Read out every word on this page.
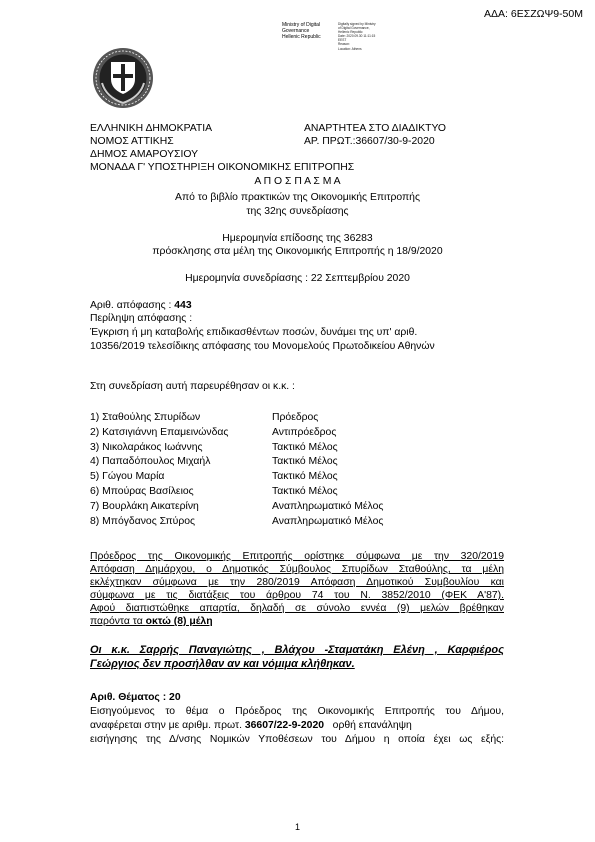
ΑΔΑ: 6ΕΣΖΩΨ9-50Μ
Ministry of Digital
Governance
Hellenic Republic
Digitally signed by Ministry
of Digital Governance,
Hellenic Republic
Date: 2020.09.30 11:11:15
EEST
Reason:
Location: Athens
ΕΛΛΗΝΙΚΗ ΔΗΜΟΚΡΑΤΙΑ
ΝΟΜΟΣ ΑΤΤΙΚΗΣ
ΔΗΜΟΣ ΑΜΑΡΟΥΣΙΟΥ
ΜΟΝΑΔΑ Γ' ΥΠΟΣΤΗΡΙΞΗ ΟΙΚΟΝΟΜΙΚΗΣ ΕΠΙΤΡΟΠΗΣ
ΑΝΑΡΤΗΤΕΑ ΣΤΟ ΔΙΑΔΙΚΤΥΟ
ΑΡ. ΠΡΩΤ.:36607/30-9-2020
Α Π Ο Σ Π Α Σ Μ Α
Από το βιβλίο πρακτικών της Οικονομικής Επιτροπής
της 32ης συνεδρίασης
Ημερομηνία επίδοσης της 36283
πρόσκλησης στα μέλη της Οικονομικής Επιτροπής η 18/9/2020
Ημερομηνία συνεδρίασης : 22 Σεπτεμβρίου 2020
Αριθ. απόφασης : 443
Περίληψη απόφασης :
Έγκριση ή μη καταβολής επιδικασθέντων ποσών, δυνάμει της υπ' αριθ.
10356/2019 τελεσίδικης απόφασης του Μονομελούς Πρωτοδικείου Αθηνών
Στη συνεδρίαση αυτή παρευρέθησαν οι κ.κ. :
1) Σταθούλης Σπυρίδων	Πρόεδρος
2) Κατσιγιάννη Επαμεινώνδας	Αντιπρόεδρος
3) Νικολαράκος Ιωάννης	Τακτικό Μέλος
4) Παπαδόπουλος Μιχαήλ	Τακτικό Μέλος
5) Γώγου Μαρία	Τακτικό Μέλος
6) Μπούρας Βασίλειος	Τακτικό Μέλος
7) Βουρλάκη Αικατερίνη	Αναπληρωματικό Μέλος
8) Μπόγδανος Σπύρος	Αναπληρωματικό Μέλος
Πρόεδρος της Οικονομικής Επιτροπής ορίστηκε σύμφωνα με την 320/2019
Απόφαση Δημάρχου, ο Δημοτικός Σύμβουλος Σπυρίδων Σταθούλης, τα μέλη
εκλέχτηκαν σύμφωνα με την 280/2019 Απόφαση Δημοτικού Συμβουλίου και
σύμφωνα με τις διατάξεις του άρθρου 74 του Ν. 3852/2010 (ΦΕΚ Α'87).
Αφού διαπιστώθηκε απαρτία, δηλαδή σε σύνολο εννέα (9) μελών βρέθηκαν
παρόντα τα οκτώ (8) μέλη
Οι κ.κ. Σαρρής Παναγιώτης , Βλάχου -Σταματάκη Ελένη , Καρφιέρος
Γεώργιος δεν προσήλθαν αν και νόμιμα κλήθηκαν.
Αριθ. Θέματος : 20
Εισηγούμενος το θέμα ο Πρόεδρος της Οικονομικής Επιτροπής του Δήμου,
αναφέρεται στην με αριθμ. πρωτ. 36607/22-9-2020   ορθή επανάληψη
εισήγησης της Δ/νσης Νομικών Υποθέσεων του Δήμου η οποία έχει ως εξής:
1
